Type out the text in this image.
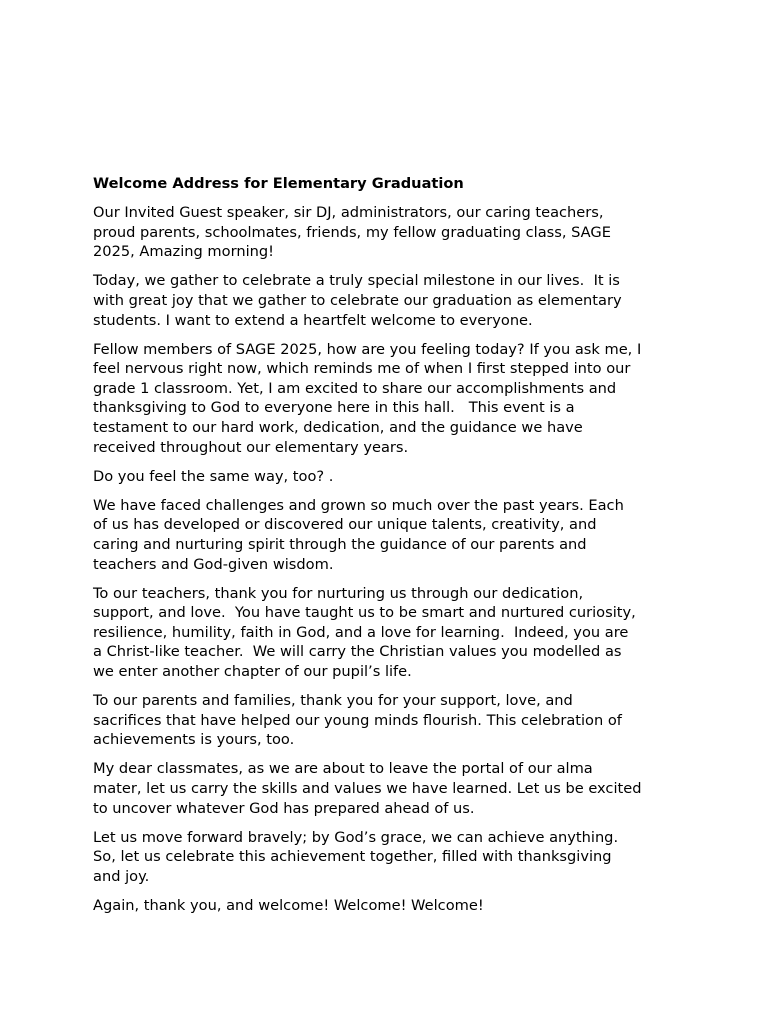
Welcome Address for Elementary Graduation
Our Invited Guest speaker, sir DJ, administrators, our caring teachers,
proud parents, schoolmates, friends, my fellow graduating class, SAGE
2025, Amazing morning!
Today, we gather to celebrate a truly special milestone in our lives.  It is
with great joy that we gather to celebrate our graduation as elementary
students. I want to extend a heartfelt welcome to everyone.
Fellow members of SAGE 2025, how are you feeling today? If you ask me, I
feel nervous right now, which reminds me of when I first stepped into our
grade 1 classroom. Yet, I am excited to share our accomplishments and
thanksgiving to God to everyone here in this hall.   This event is a
testament to our hard work, dedication, and the guidance we have
received throughout our elementary years.
Do you feel the same way, too? .
We have faced challenges and grown so much over the past years. Each
of us has developed or discovered our unique talents, creativity, and
caring and nurturing spirit through the guidance of our parents and
teachers and God-given wisdom.
To our teachers, thank you for nurturing us through our dedication,
support, and love.  You have taught us to be smart and nurtured curiosity,
resilience, humility, faith in God, and a love for learning.  Indeed, you are
a Christ-like teacher.  We will carry the Christian values you modelled as
we enter another chapter of our pupil’s life.
To our parents and families, thank you for your support, love, and
sacrifices that have helped our young minds flourish. This celebration of
achievements is yours, too.
My dear classmates, as we are about to leave the portal of our alma
mater, let us carry the skills and values we have learned. Let us be excited
to uncover whatever God has prepared ahead of us.
Let us move forward bravely; by God’s grace, we can achieve anything.
So, let us celebrate this achievement together, filled with thanksgiving
and joy.
Again, thank you, and welcome! Welcome! Welcome!
